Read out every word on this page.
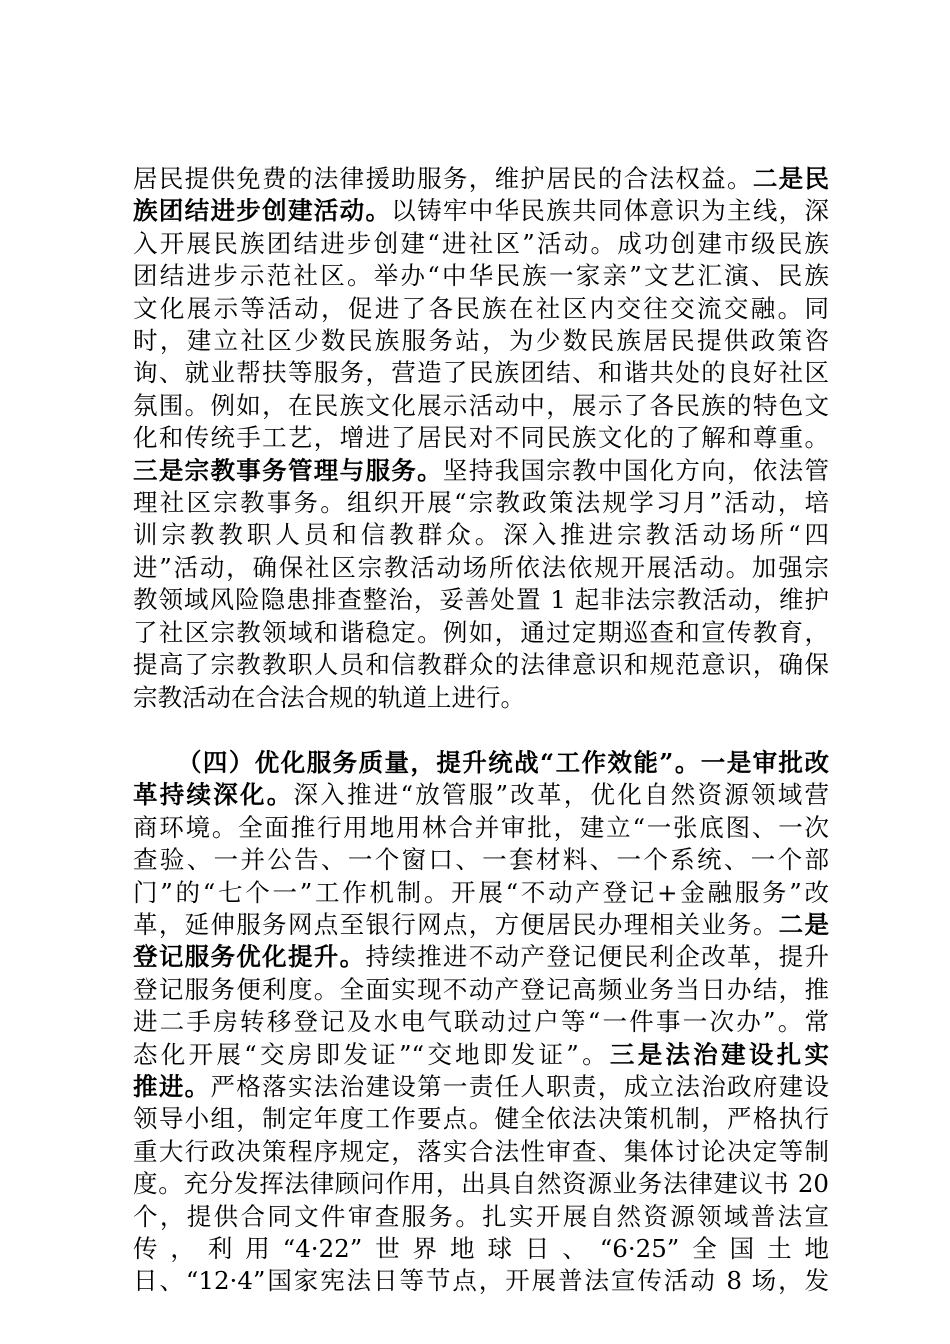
居民提供免费的法律援助服务，维护居民的合法权益。二是民
族团结进步创建活动。以铸牢中华民族共同体意识为主线，深
入开展民族团结进步创建“进社区”活动。成功创建市级民族
团结进步示范社区。举办“中华民族一家亲”文艺汇演、民族
文化展示等活动，促进了各民族在社区内交往交流交融。同
时，建立社区少数民族服务站，为少数民族居民提供政策咨
询、就业帮扶等服务，营造了民族团结、和谐共处的良好社区
氛围。例如，在民族文化展示活动中，展示了各民族的特色文
化和传统手工艺，增进了居民对不同民族文化的了解和尊重。
三是宗教事务管理与服务。坚持我国宗教中国化方向，依法管
理社区宗教事务。组织开展“宗教政策法规学习月”活动，培
训宗教教职人员和信教群众。深入推进宗教活动场所“四
进”活动，确保社区宗教活动场所依法依规开展活动。加强宗
教领域风险隐患排查整治，妥善处置 1 起非法宗教活动，维护
了社区宗教领域和谐稳定。例如，通过定期巡查和宣传教育，
提高了宗教教职人员和信教群众的法律意识和规范意识，确保
宗教活动在合法合规的轨道上进行。
（四）优化服务质量，提升统战“工作效能”。一是审批改
革持续深化。深入推进“放管服”改革，优化自然资源领域营
商环境。全面推行用地用林合并审批，建立“一张底图、一次
查验、一并公告、一个窗口、一套材料、一个系统、一个部
门”的“七个一”工作机制。开展“不动产登记+金融服务”改
革，延伸服务网点至银行网点，方便居民办理相关业务。二是
登记服务优化提升。持续推进不动产登记便民利企改革，提升
登记服务便利度。全面实现不动产登记高频业务当日办结，推
进二手房转移登记及水电气联动过户等“一件事一次办”。常
态化开展“交房即发证”“交地即发证”。三是法治建设扎实
推进。严格落实法治建设第一责任人职责，成立法治政府建设
领导小组，制定年度工作要点。健全依法决策机制，严格执行
重大行政决策程序规定，落实合法性审查、集体讨论决定等制
度。充分发挥法律顾问作用，出具自然资源业务法律建议书 20
个，提供合同文件审查服务。扎实开展自然资源领域普法宣
传，利用“4·22”世界地球日、“6·25”全国土地
日、“12·4”国家宪法日等节点，开展普法宣传活动 8 场，发
